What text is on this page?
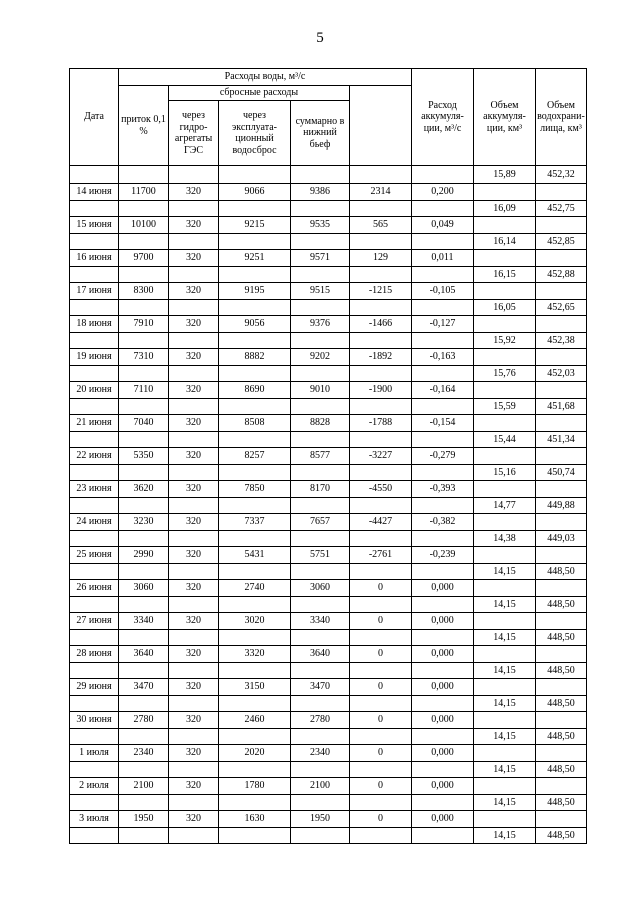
5
Дата	Расходы воды, м³/с					Расход аккумуля-ции, м³/с	Объем аккумуля-ции, км³	Объем водохрани-лища, км³	
	приток 0,1 %	сбросные расходы							
		через гидро-агрегаты ГЭС	через эксплуата-ционный водосброс	суммарно в нижний бьеф					
							15,89	452,32	
14 июня	11700	320	9066	9386	2314	0,200			
							16,09	452,75	
15 июня	10100	320	9215	9535	565	0,049			
							16,14	452,85	
16 июня	9700	320	9251	9571	129	0,011			
							16,15	452,88	
17 июня	8300	320	9195	9515	-1215	-0,105			
							16,05	452,65	
18 июня	7910	320	9056	9376	-1466	-0,127			
							15,92	452,38	
19 июня	7310	320	8882	9202	-1892	-0,163			
							15,76	452,03	
20 июня	7110	320	8690	9010	-1900	-0,164			
							15,59	451,68	
21 июня	7040	320	8508	8828	-1788	-0,154			
							15,44	451,34	
22 июня	5350	320	8257	8577	-3227	-0,279			
							15,16	450,74	
23 июня	3620	320	7850	8170	-4550	-0,393			
							14,77	449,88	
24 июня	3230	320	7337	7657	-4427	-0,382			
							14,38	449,03	
25 июня	2990	320	5431	5751	-2761	-0,239			
							14,15	448,50	
26 июня	3060	320	2740	3060	0	0,000			
							14,15	448,50	
27 июня	3340	320	3020	3340	0	0,000			
							14,15	448,50	
28 июня	3640	320	3320	3640	0	0,000			
							14,15	448,50	
29 июня	3470	320	3150	3470	0	0,000			
							14,15	448,50	
30 июня	2780	320	2460	2780	0	0,000			
							14,15	448,50	
1 июля	2340	320	2020	2340	0	0,000			
							14,15	448,50	
2 июля	2100	320	1780	2100	0	0,000			
							14,15	448,50	
3 июля	1950	320	1630	1950	0	0,000			
							14,15	448,50	
